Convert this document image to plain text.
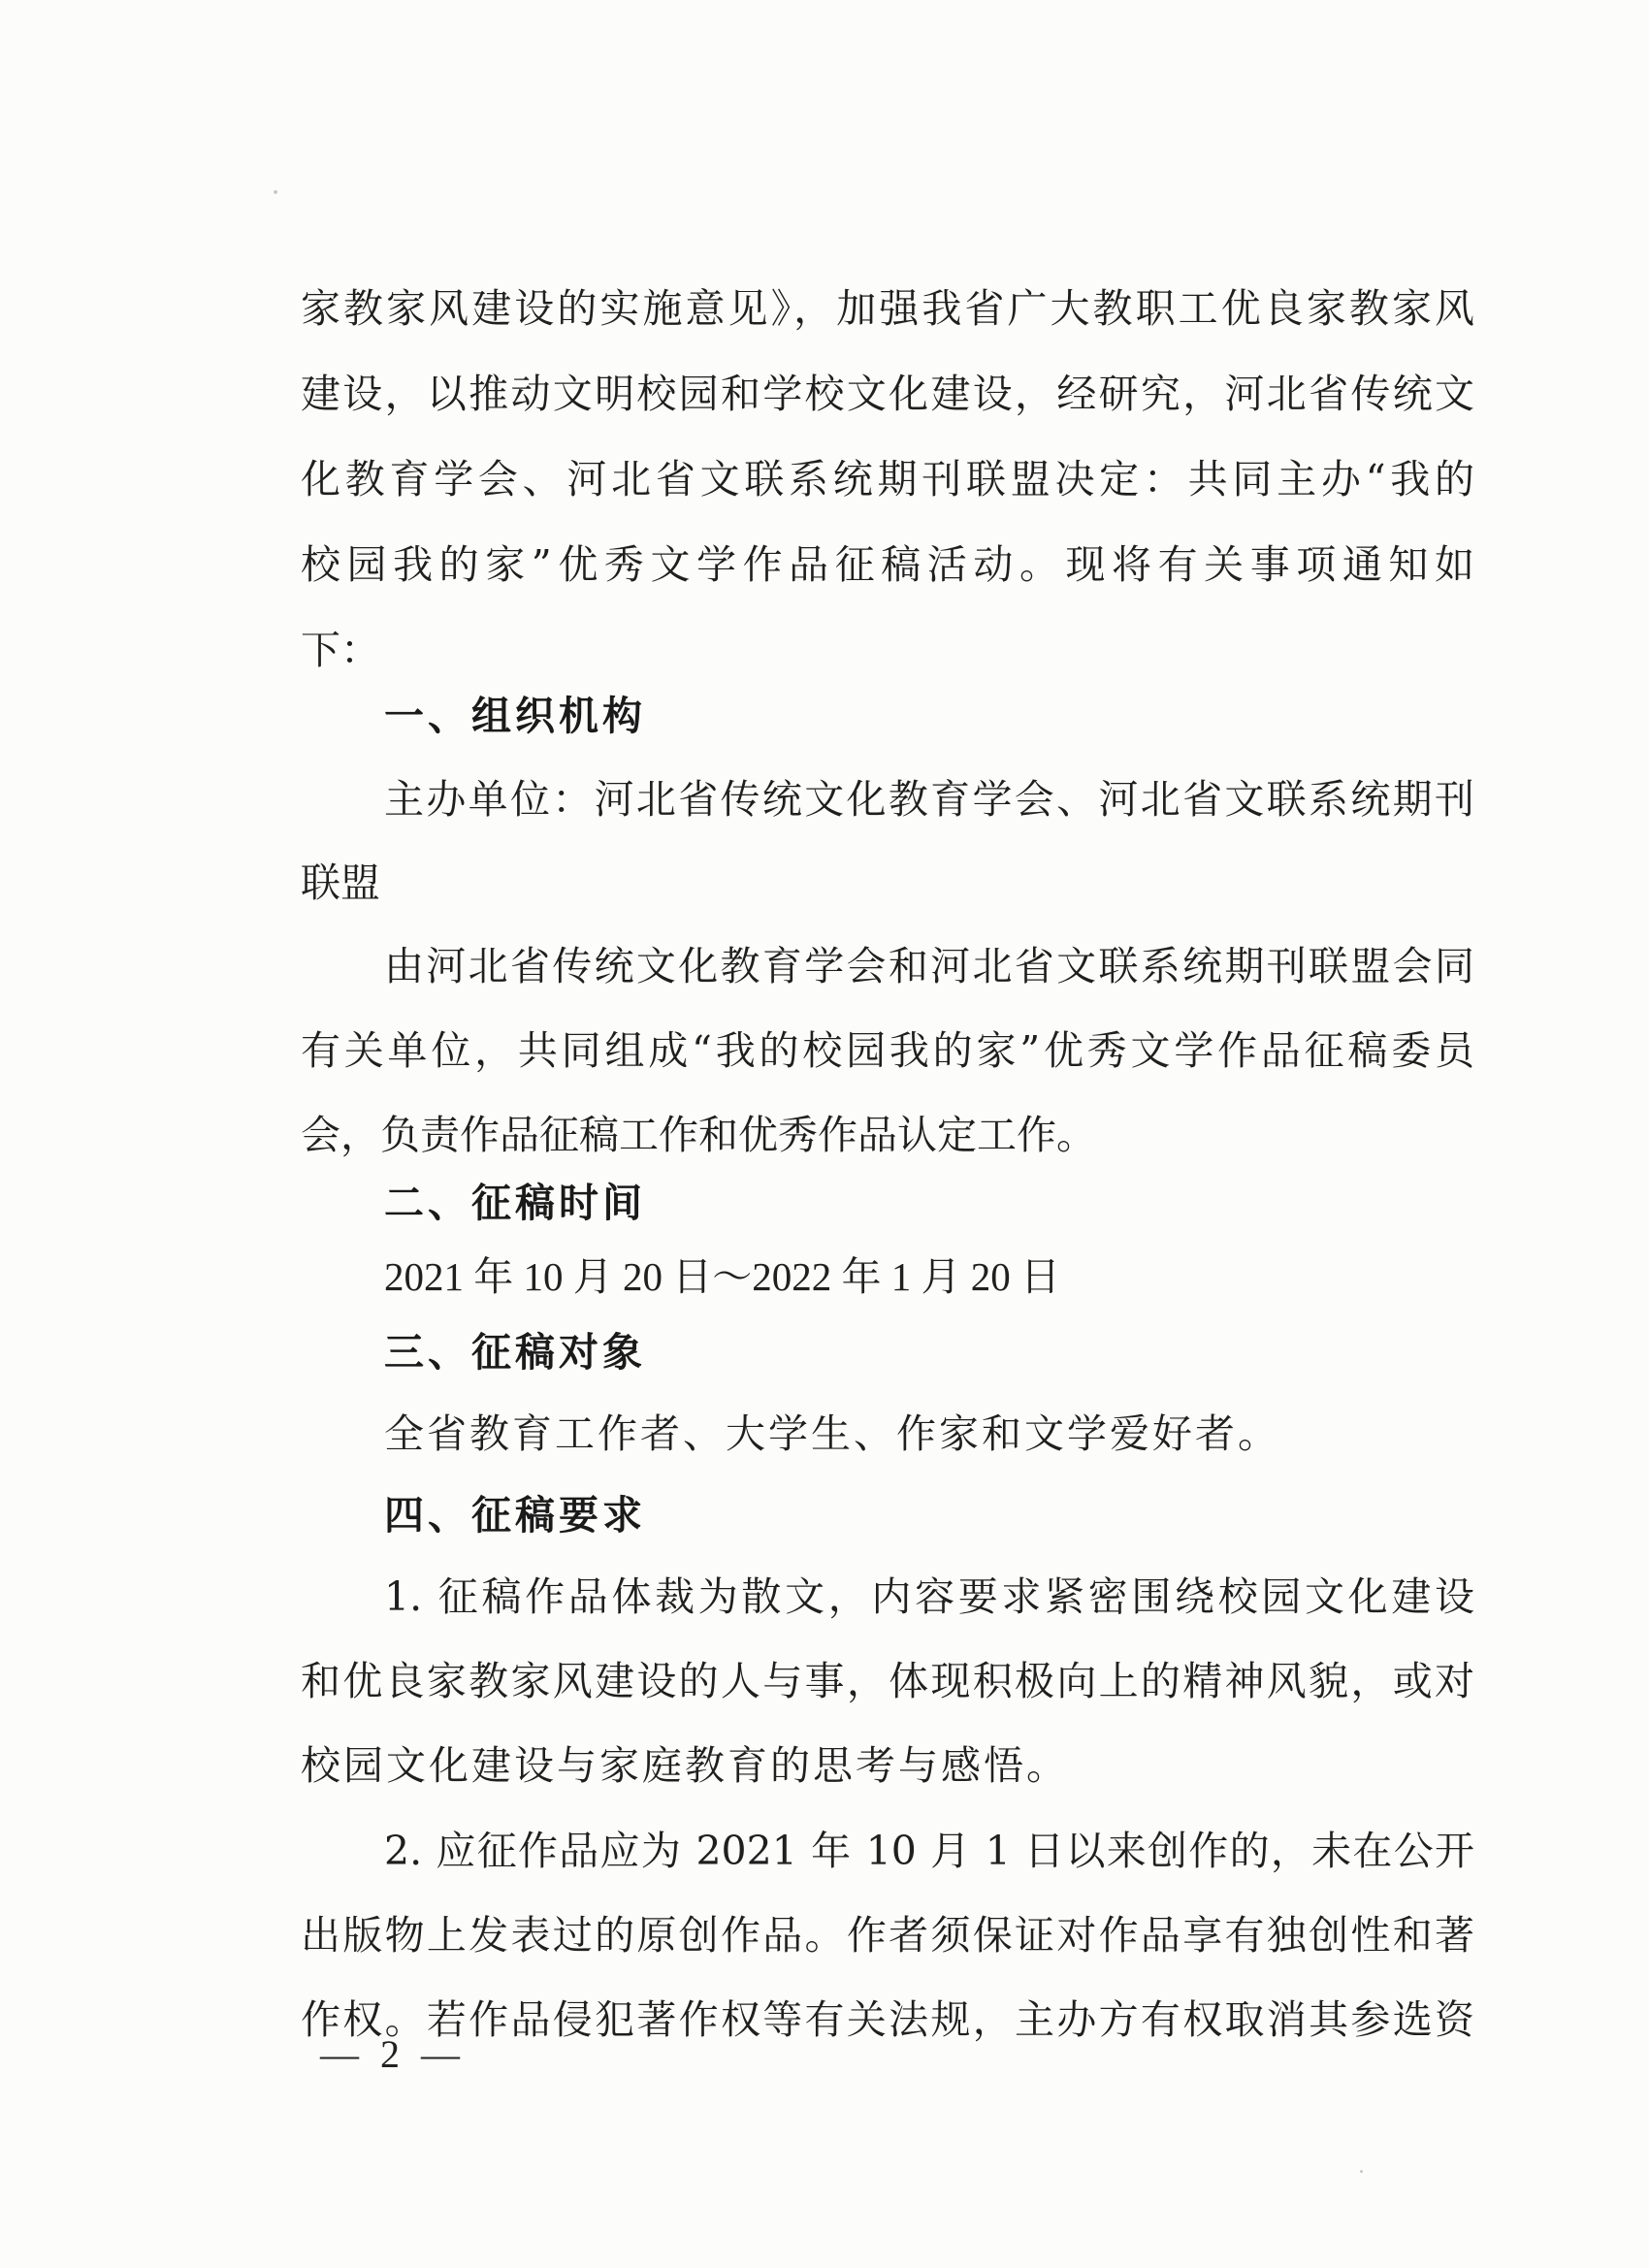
家教家风建设的实施意见》，加强我省广大教职工优良家教家风
建设，以推动文明校园和学校文化建设，经研究，河北省传统文
化教育学会、河北省文联系统期刊联盟决定：共同主办“我的
校园我的家”优秀文学作品征稿活动。现将有关事项通知如
下：
一、组织机构
主办单位：河北省传统文化教育学会、河北省文联系统期刊
联盟
由河北省传统文化教育学会和河北省文联系统期刊联盟会同
有关单位，共同组成“我的校园我的家”优秀文学作品征稿委员
会，负责作品征稿工作和优秀作品认定工作。
二、征稿时间
2021 年 10 月 20 日～2022 年 1 月 20 日
三、征稿对象
全省教育工作者、大学生、作家和文学爱好者。
四、征稿要求
1. 征稿作品体裁为散文，内容要求紧密围绕校园文化建设
和优良家教家风建设的人与事，体现积极向上的精神风貌，或对
校园文化建设与家庭教育的思考与感悟。
2. 应征作品应为 2021 年 10 月 1 日以来创作的，未在公开
出版物上发表过的原创作品。作者须保证对作品享有独创性和著
作权。若作品侵犯著作权等有关法规，主办方有权取消其参选资
— 2 —
